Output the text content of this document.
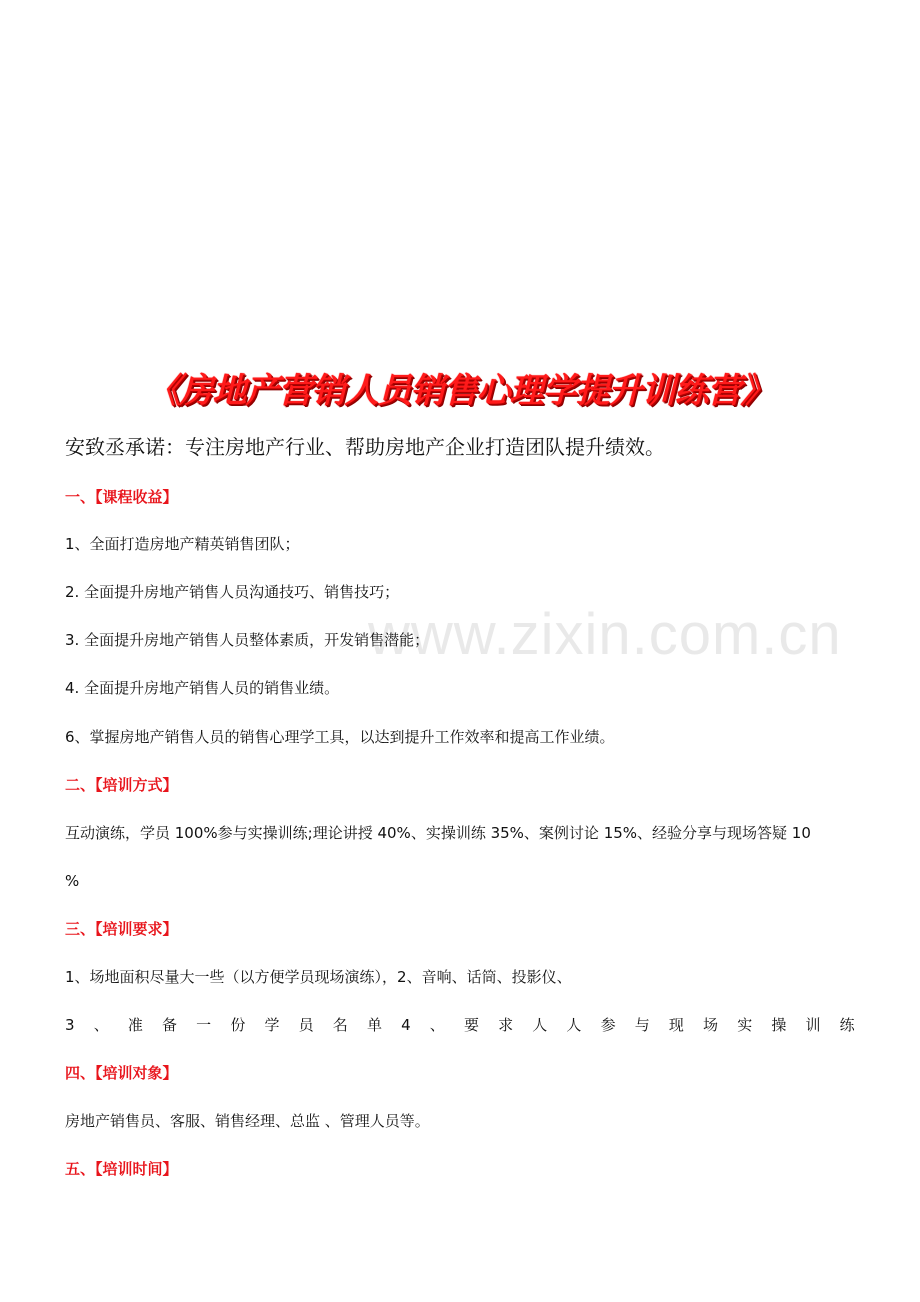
www.zixin.com.cn
《房地产营销人员销售心理学提升训练营》
安致丞承诺：专注房地产行业、帮助房地产企业打造团队提升绩效。
一、【课程收益】
1、全面打造房地产精英销售团队；
2. 全面提升房地产销售人员沟通技巧、销售技巧；
3. 全面提升房地产销售人员整体素质，开发销售潜能；
4. 全面提升房地产销售人员的销售业绩。
6、掌握房地产销售人员的销售心理学工具，以达到提升工作效率和提高工作业绩。
二、【培训方式】
互动演练，学员 100%参与实操训练;理论讲授 40%、实操训练 35%、案例讨论 15%、经验分享与现场答疑 10
%
三、【培训要求】
1、场地面积尽量大一些（以方便学员现场演练），2、音响、话筒、投影仪、
3 、 准 备 一 份 学 员 名 单 4 、 要 求 人 人 参 与 现 场 实 操 训 练
四、【培训对象】
房地产销售员、客服、销售经理、总监 、管理人员等。
五、【培训时间】
